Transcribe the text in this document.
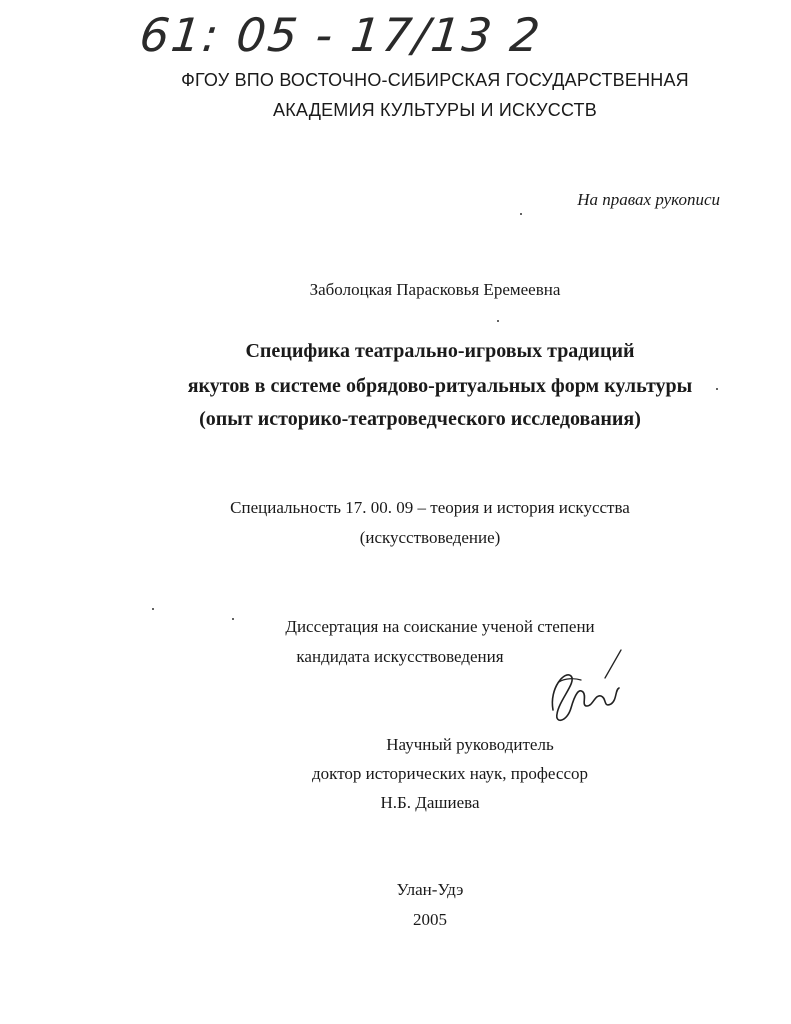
61: 05 - 17/13 2
ФГОУ ВПО ВОСТОЧНО-СИБИРСКАЯ ГОСУДАРСТВЕННАЯ
АКАДЕМИЯ КУЛЬТУРЫ И ИСКУССТВ
На правах рукописи
Заболоцкая Парасковья Еремеевна
Специфика театрально-игровых традиций
якутов в системе обрядово-ритуальных форм культуры
(опыт историко-театроведческого исследования)
Специальность 17. 00. 09 – теория и история искусства
(искусствоведение)
Диссертация на соискание ученой степени
кандидата искусствоведения
Научный руководитель
доктор исторических наук, профессор
Н.Б. Дашиева
Улан-Удэ
2005
